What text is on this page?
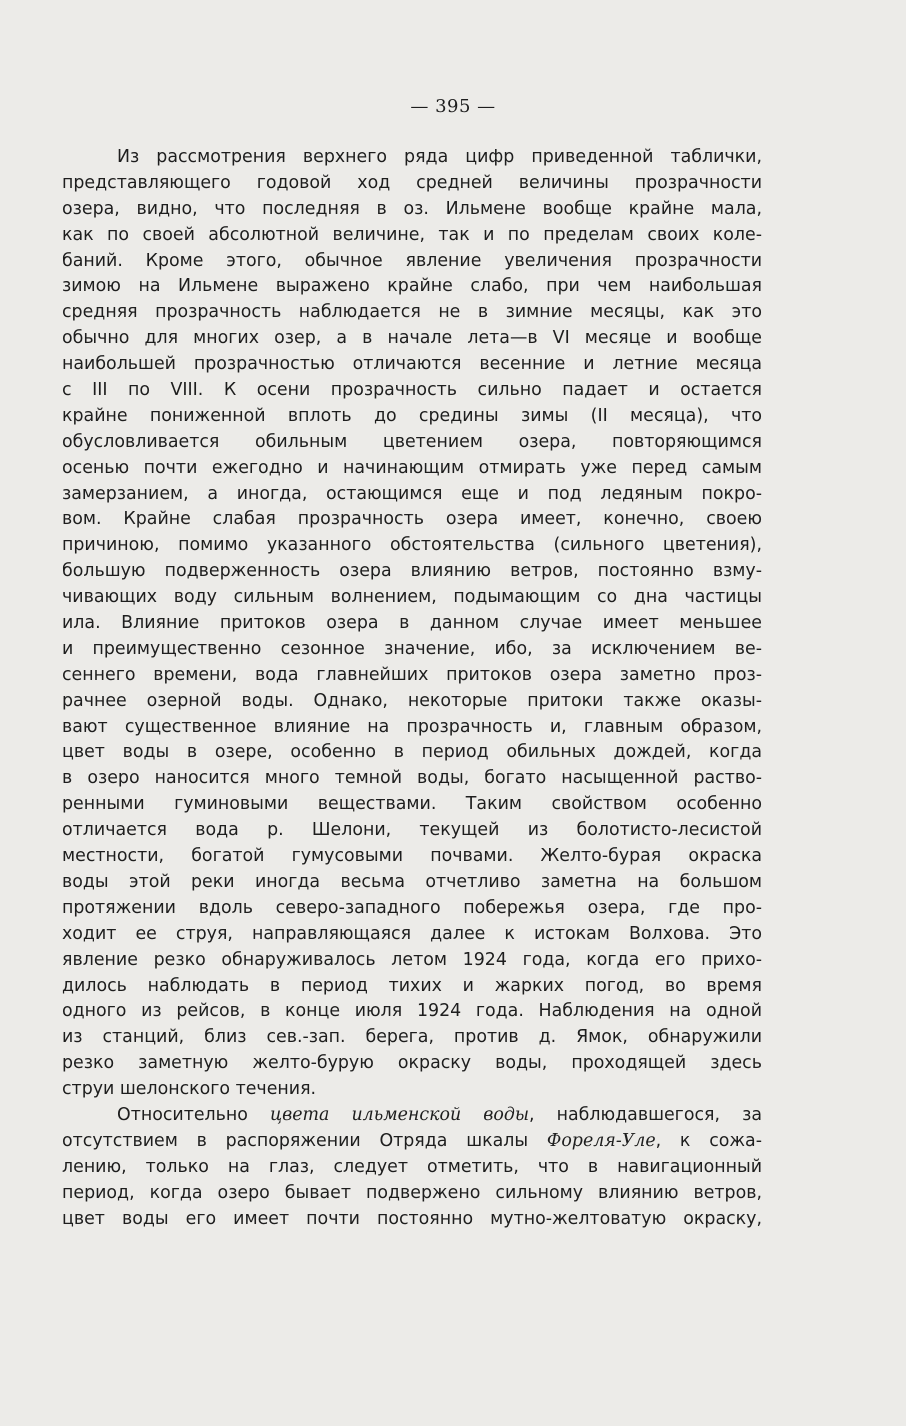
— 395 —
Из рассмотрения верхнего ряда цифр приведенной таблички,
представляющего годовой ход средней величины прозрачности
озера, видно, что последняя в оз. Ильмене вообще крайне мала,
как по своей абсолютной величине, так и по пределам своих коле-
баний. Кроме этого, обычное явление увеличения прозрачности
зимою на Ильмене выражено крайне слабо, при чем наибольшая
средняя прозрачность наблюдается не в зимние месяцы, как это
обычно для многих озер, а в начале лета—в VI месяце и вообще
наибольшей прозрачностью отличаются весенние и летние месяца
с III по VIII. К осени прозрачность сильно падает и остается
крайне пониженной вплоть до средины зимы (II месяца), что
обусловливается обильным цветением озера, повторяющимся
осенью почти ежегодно и начинающим отмирать уже перед самым
замерзанием, а иногда, остающимся еще и под ледяным покро-
вом. Крайне слабая прозрачность озера имеет, конечно, своею
причиною, помимо указанного обстоятельства (сильного цветения),
большую подверженность озера влиянию ветров, постоянно взму-
чивающих воду сильным волнением, подымающим со дна частицы
ила. Влияние притоков озера в данном случае имеет меньшее
и преимущественно сезонное значение, ибо, за исключением ве-
сеннего времени, вода главнейших притоков озера заметно проз-
рачнее озерной воды. Однако, некоторые притоки также оказы-
вают существенное влияние на прозрачность и, главным образом,
цвет воды в озере, особенно в период обильных дождей, когда
в озеро наносится много темной воды, богато насыщенной раство-
ренными гуминовыми веществами. Таким свойством особенно
отличается вода р. Шелони, текущей из болотисто-лесистой
местности, богатой гумусовыми почвами. Желто-бурая окраска
воды этой реки иногда весьма отчетливо заметна на большом
протяжении вдоль северо-западного побережья озера, где про-
ходит ее струя, направляющаяся далее к истокам Волхова. Это
явление резко обнаруживалось летом 1924 года, когда его прихо-
дилось наблюдать в период тихих и жарких погод, во время
одного из рейсов, в конце июля 1924 года. Наблюдения на одной
из станций, близ сев.-зап. берега, против д. Ямок, обнаружили
резко заметную желто-бурую окраску воды, проходящей здесь
струи шелонского течения.
Относительно цвета ильменской воды, наблюдавшегося, за
отсутствием в распоряжении Отряда шкалы Фореля-Уле, к сожа-
лению, только на глаз, следует отметить, что в навигационный
период, когда озеро бывает подвержено сильному влиянию ветров,
цвет воды его имеет почти постоянно мутно-желтоватую окраску,
